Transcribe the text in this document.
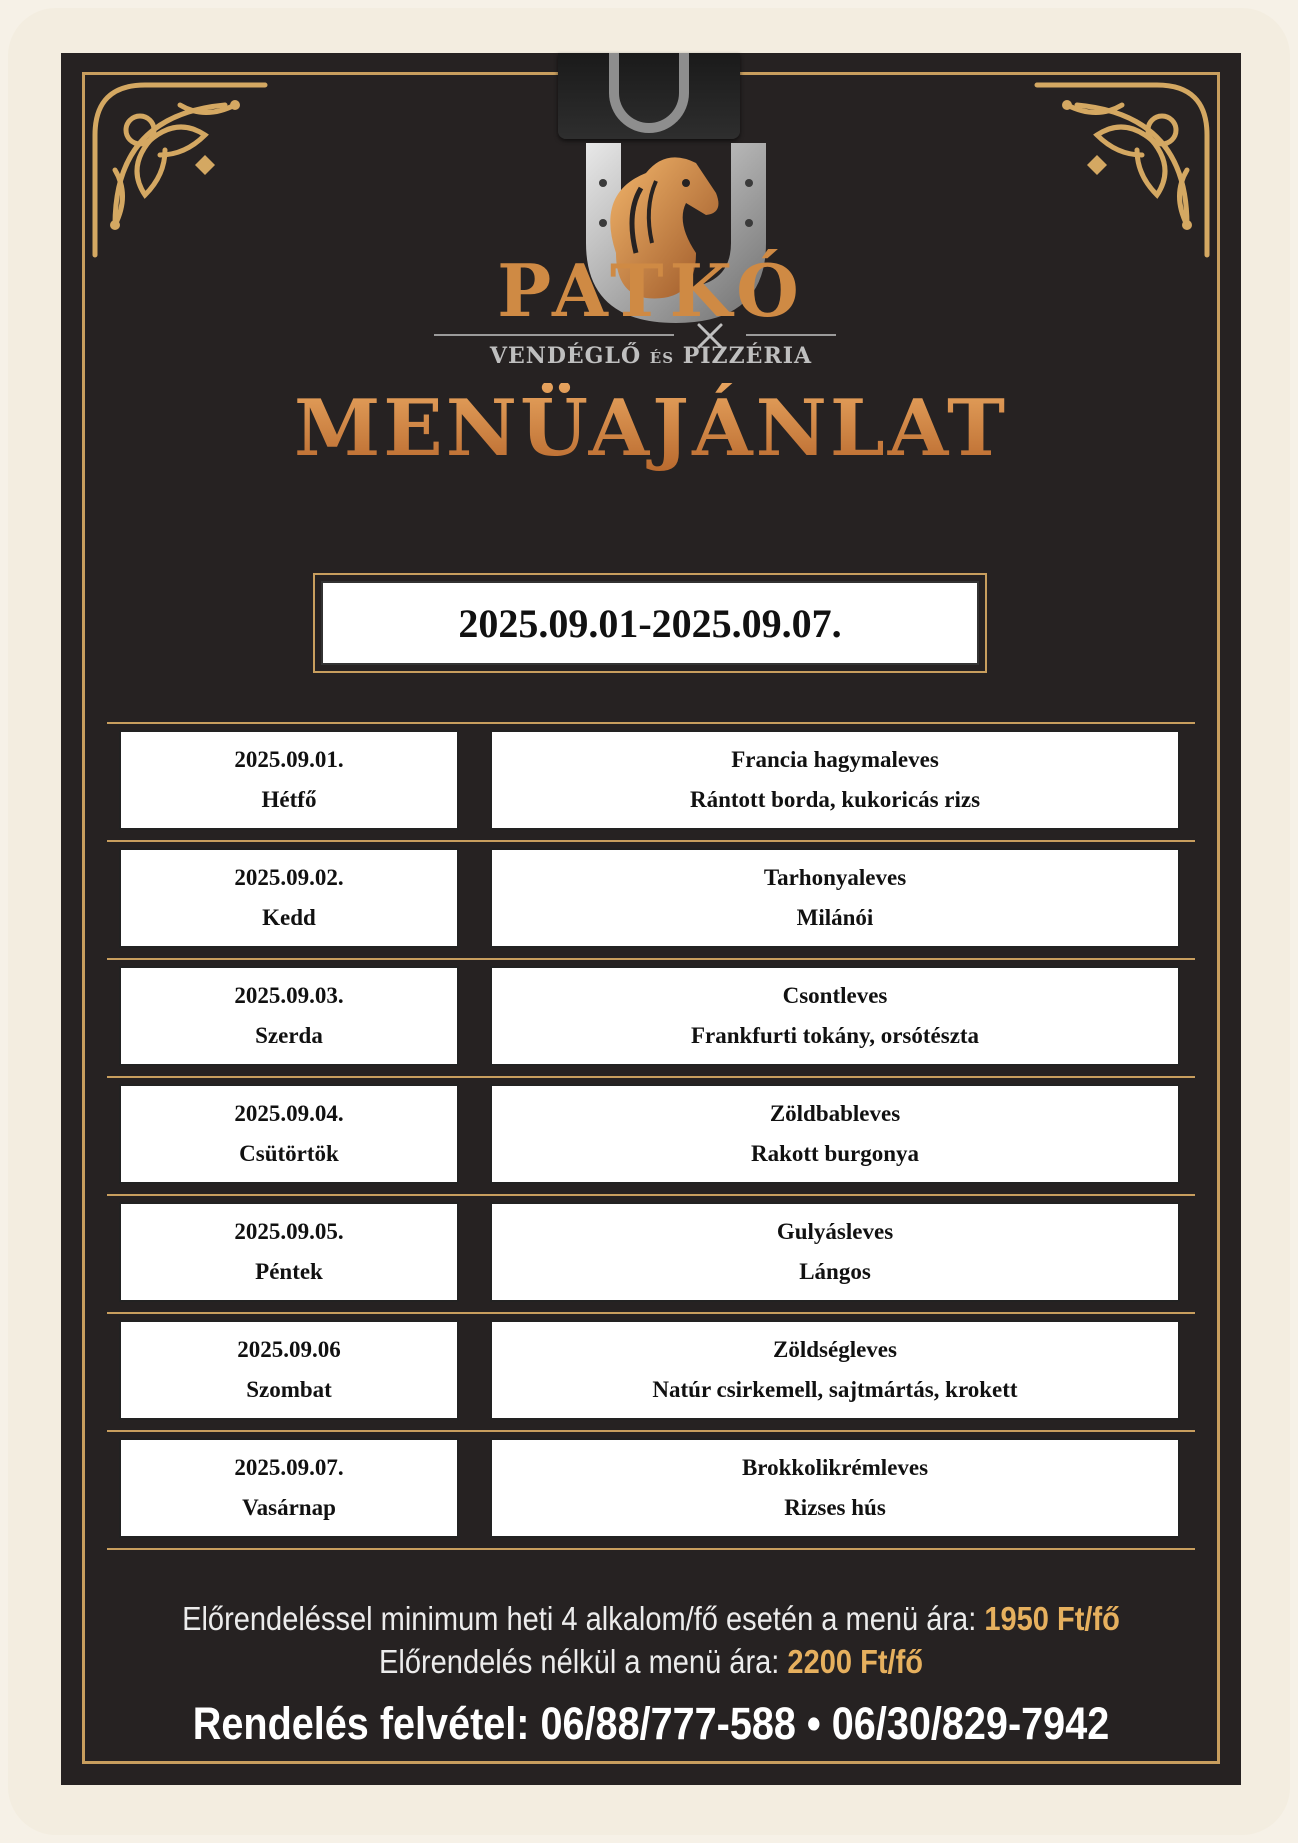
PATKÓ
VENDÉGLŐ ÉS PIZZÉRIA
MENÜAJÁNLAT
2025.09.01-2025.09.07.
2025.09.01.
Hétfő
Francia hagymaleves
Rántott borda, kukoricás rizs
2025.09.02.
Kedd
Tarhonyaleves
Milánói
2025.09.03.
Szerda
Csontleves
Frankfurti tokány, orsótészta
2025.09.04.
Csütörtök
Zöldbableves
Rakott burgonya
2025.09.05.
Péntek
Gulyásleves
Lángos
2025.09.06
Szombat
Zöldségleves
Natúr csirkemell, sajtmártás, krokett
2025.09.07.
Vasárnap
Brokkolikrémleves
Rizses hús
Előrendeléssel minimum heti 4 alkalom/fő esetén a menü ára: 1950 Ft/fő
Előrendelés nélkül a menü ára: 2200 Ft/fő
Rendelés felvétel: 06/88/777-588 • 06/30/829-7942
